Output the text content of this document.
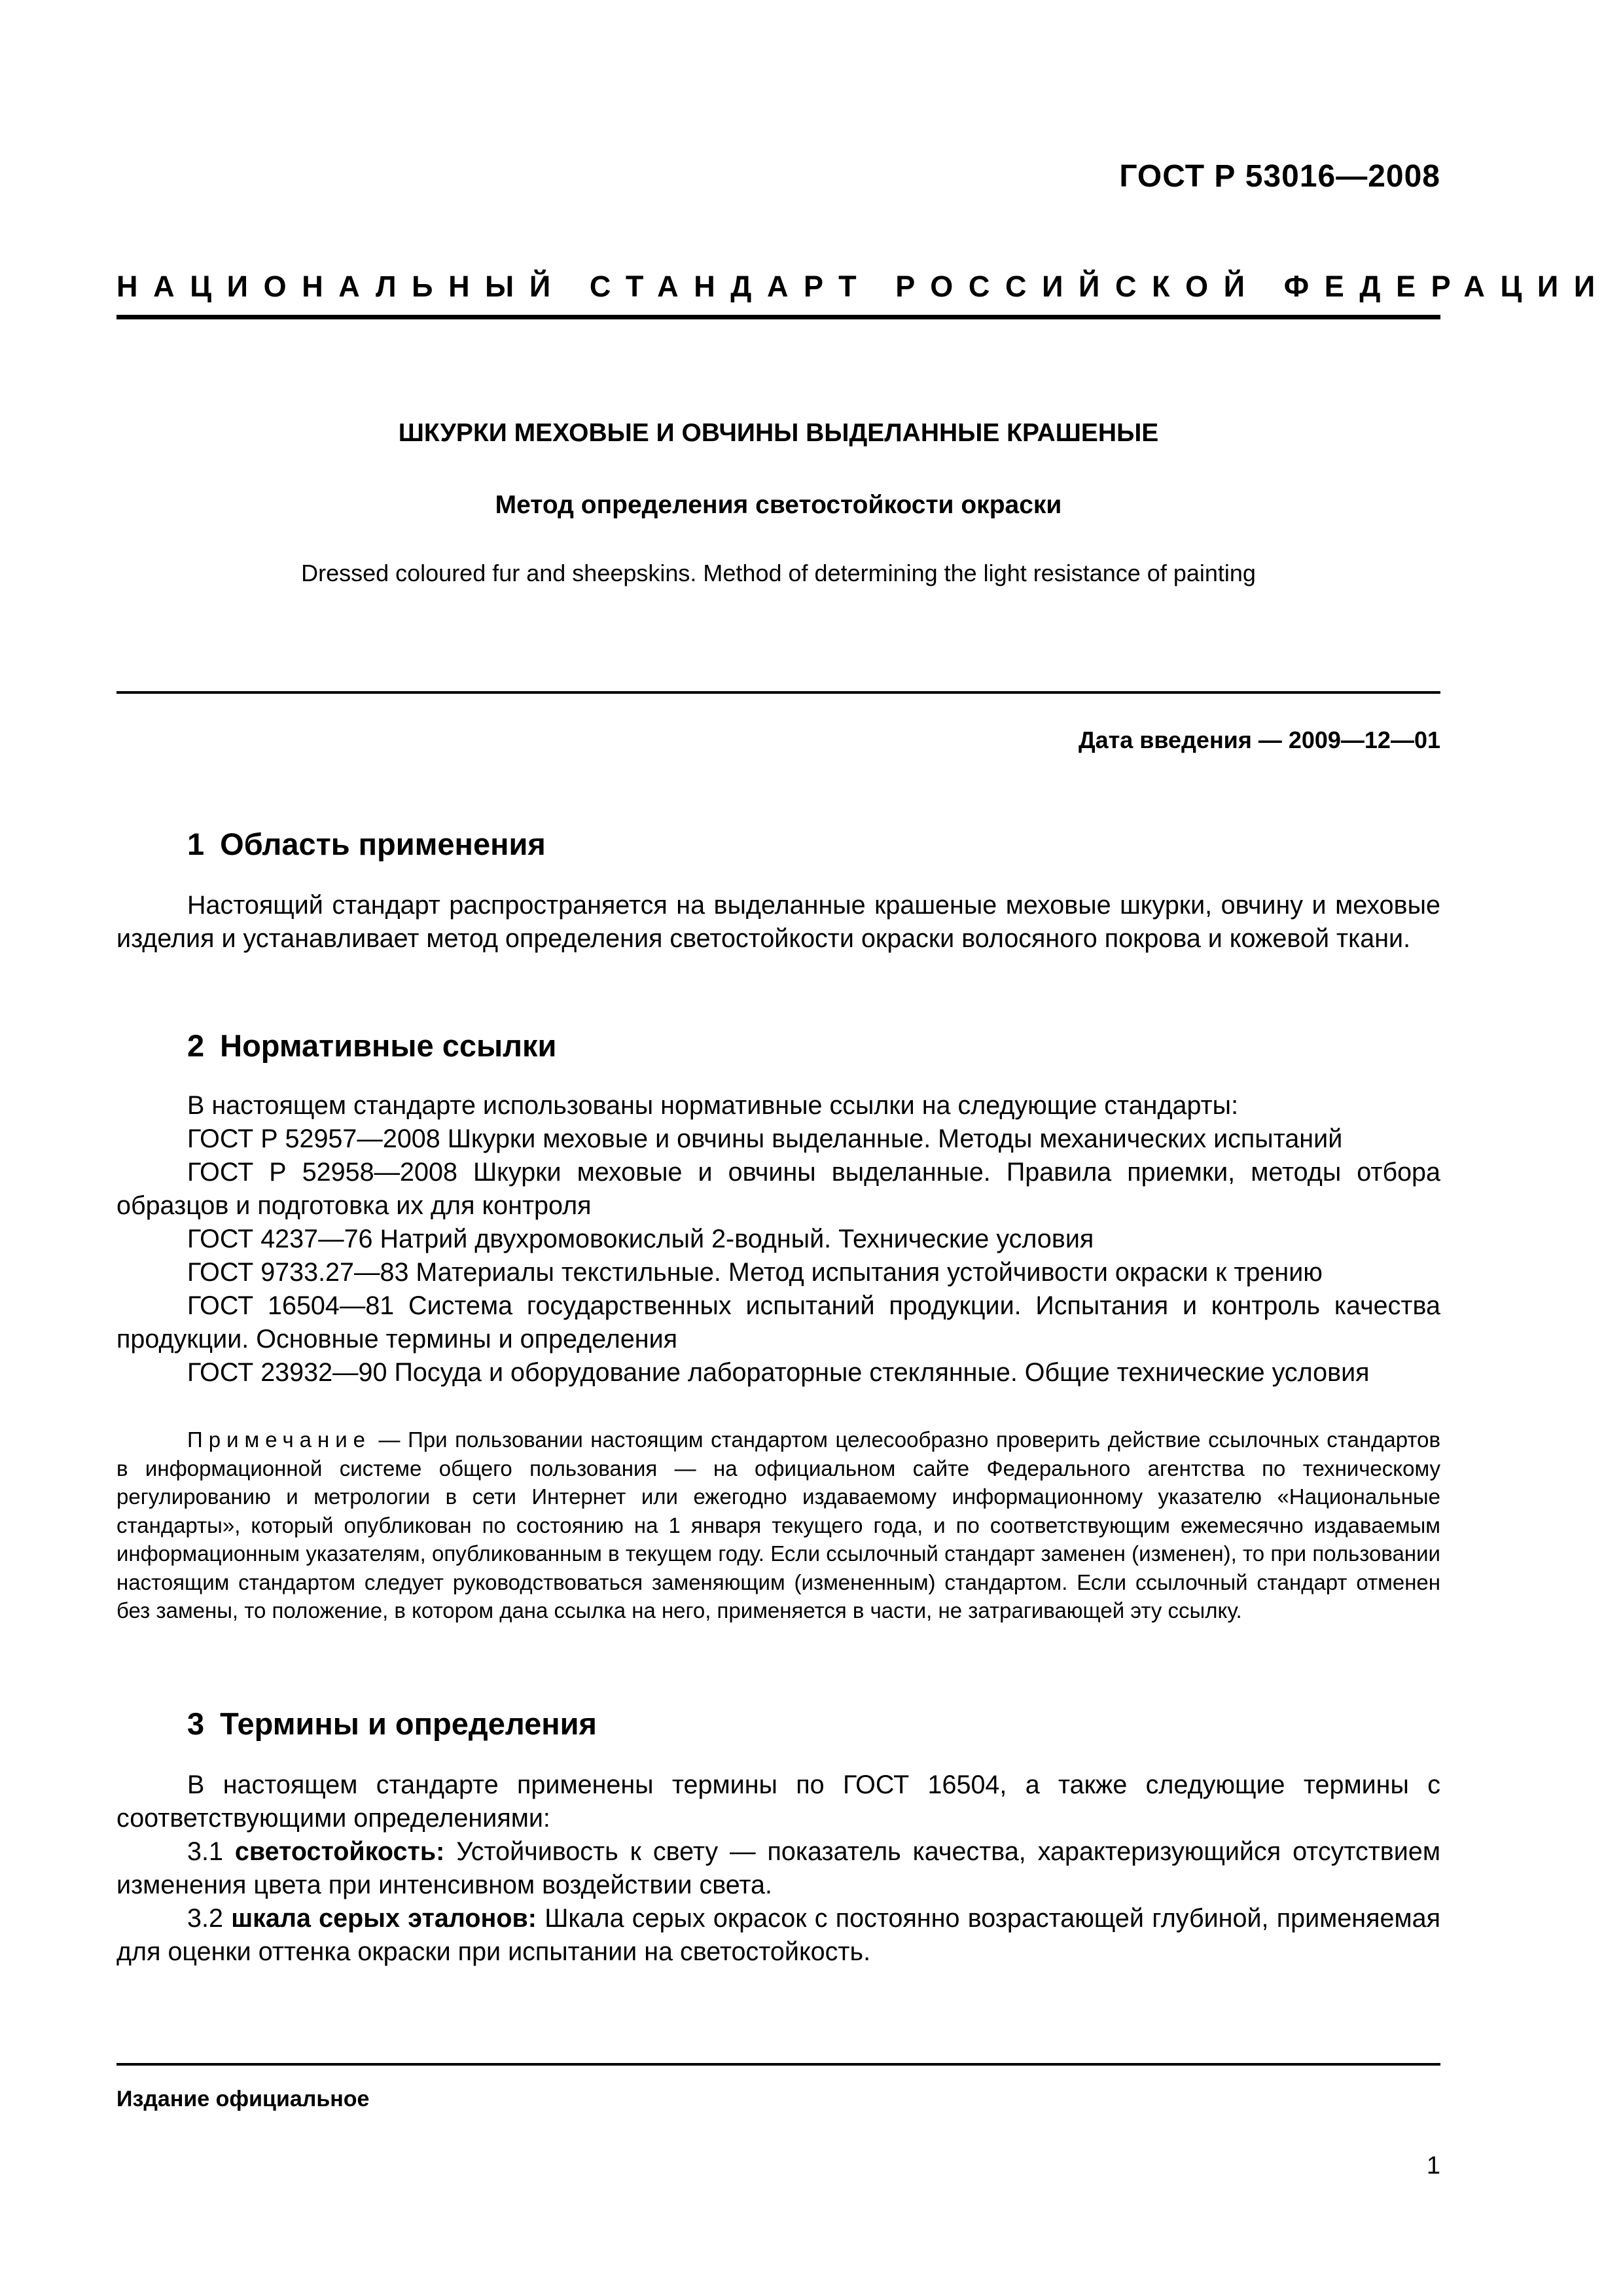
ГОСТ Р 53016—2008
НАЦИОНАЛЬНЫЙ СТАНДАРТ РОССИЙСКОЙ ФЕДЕРАЦИИ
ШКУРКИ МЕХОВЫЕ И ОВЧИНЫ ВЫДЕЛАННЫЕ КРАШЕНЫЕ
Метод определения светостойкости окраски
Dressed coloured fur and sheepskins. Method of determining the light resistance of painting
Дата введения — 2009—12—01
1 Область применения

Настоящий стандарт распространяется на выделанные крашеные меховые шкурки, овчину и меховые изделия и устанавливает метод определения светостойкости окраски волосяного покрова и кожевой ткани.

2 Нормативные ссылки

В настоящем стандарте использованы нормативные ссылки на следующие стандарты:

ГОСТ Р 52957—2008 Шкурки меховые и овчины выделанные. Методы механических испытаний

ГОСТ Р 52958—2008 Шкурки меховые и овчины выделанные. Правила приемки, методы отбора образцов и подготовка их для контроля

ГОСТ 4237—76 Натрий двухромовокислый 2-водный. Технические условия

ГОСТ 9733.27—83 Материалы текстильные. Метод испытания устойчивости окраски к трению

ГОСТ 16504—81 Система государственных испытаний продукции. Испытания и контроль качества продукции. Основные термины и определения

ГОСТ 23932—90 Посуда и оборудование лабораторные стеклянные. Общие технические условия

Примечание — При пользовании настоящим стандартом целесообразно проверить действие ссылочных стандартов в информационной системе общего пользования — на официальном сайте Федерального агентства по техническому регулированию и метрологии в сети Интернет или ежегодно издаваемому информационному указателю «Национальные стандарты», который опубликован по состоянию на 1 января текущего года, и по соответствующим ежемесячно издаваемым информационным указателям, опубликованным в текущем году. Если ссылочный стандарт заменен (изменен), то при пользовании настоящим стандартом следует руководствоваться заменяющим (измененным) стандартом. Если ссылочный стандарт отменен без замены, то положение, в котором дана ссылка на него, применяется в части, не затрагивающей эту ссылку.

3 Термины и определения

В настоящем стандарте применены термины по ГОСТ 16504, а также следующие термины с соответствующими определениями:

3.1 светостойкость: Устойчивость к свету — показатель качества, характеризующийся отсутствием изменения цвета при интенсивном воздействии света.

3.2 шкала серых эталонов: Шкала серых окрасок с постоянно возрастающей глубиной, применяемая для оценки оттенка окраски при испытании на светостойкость.

Издание официальное
1
